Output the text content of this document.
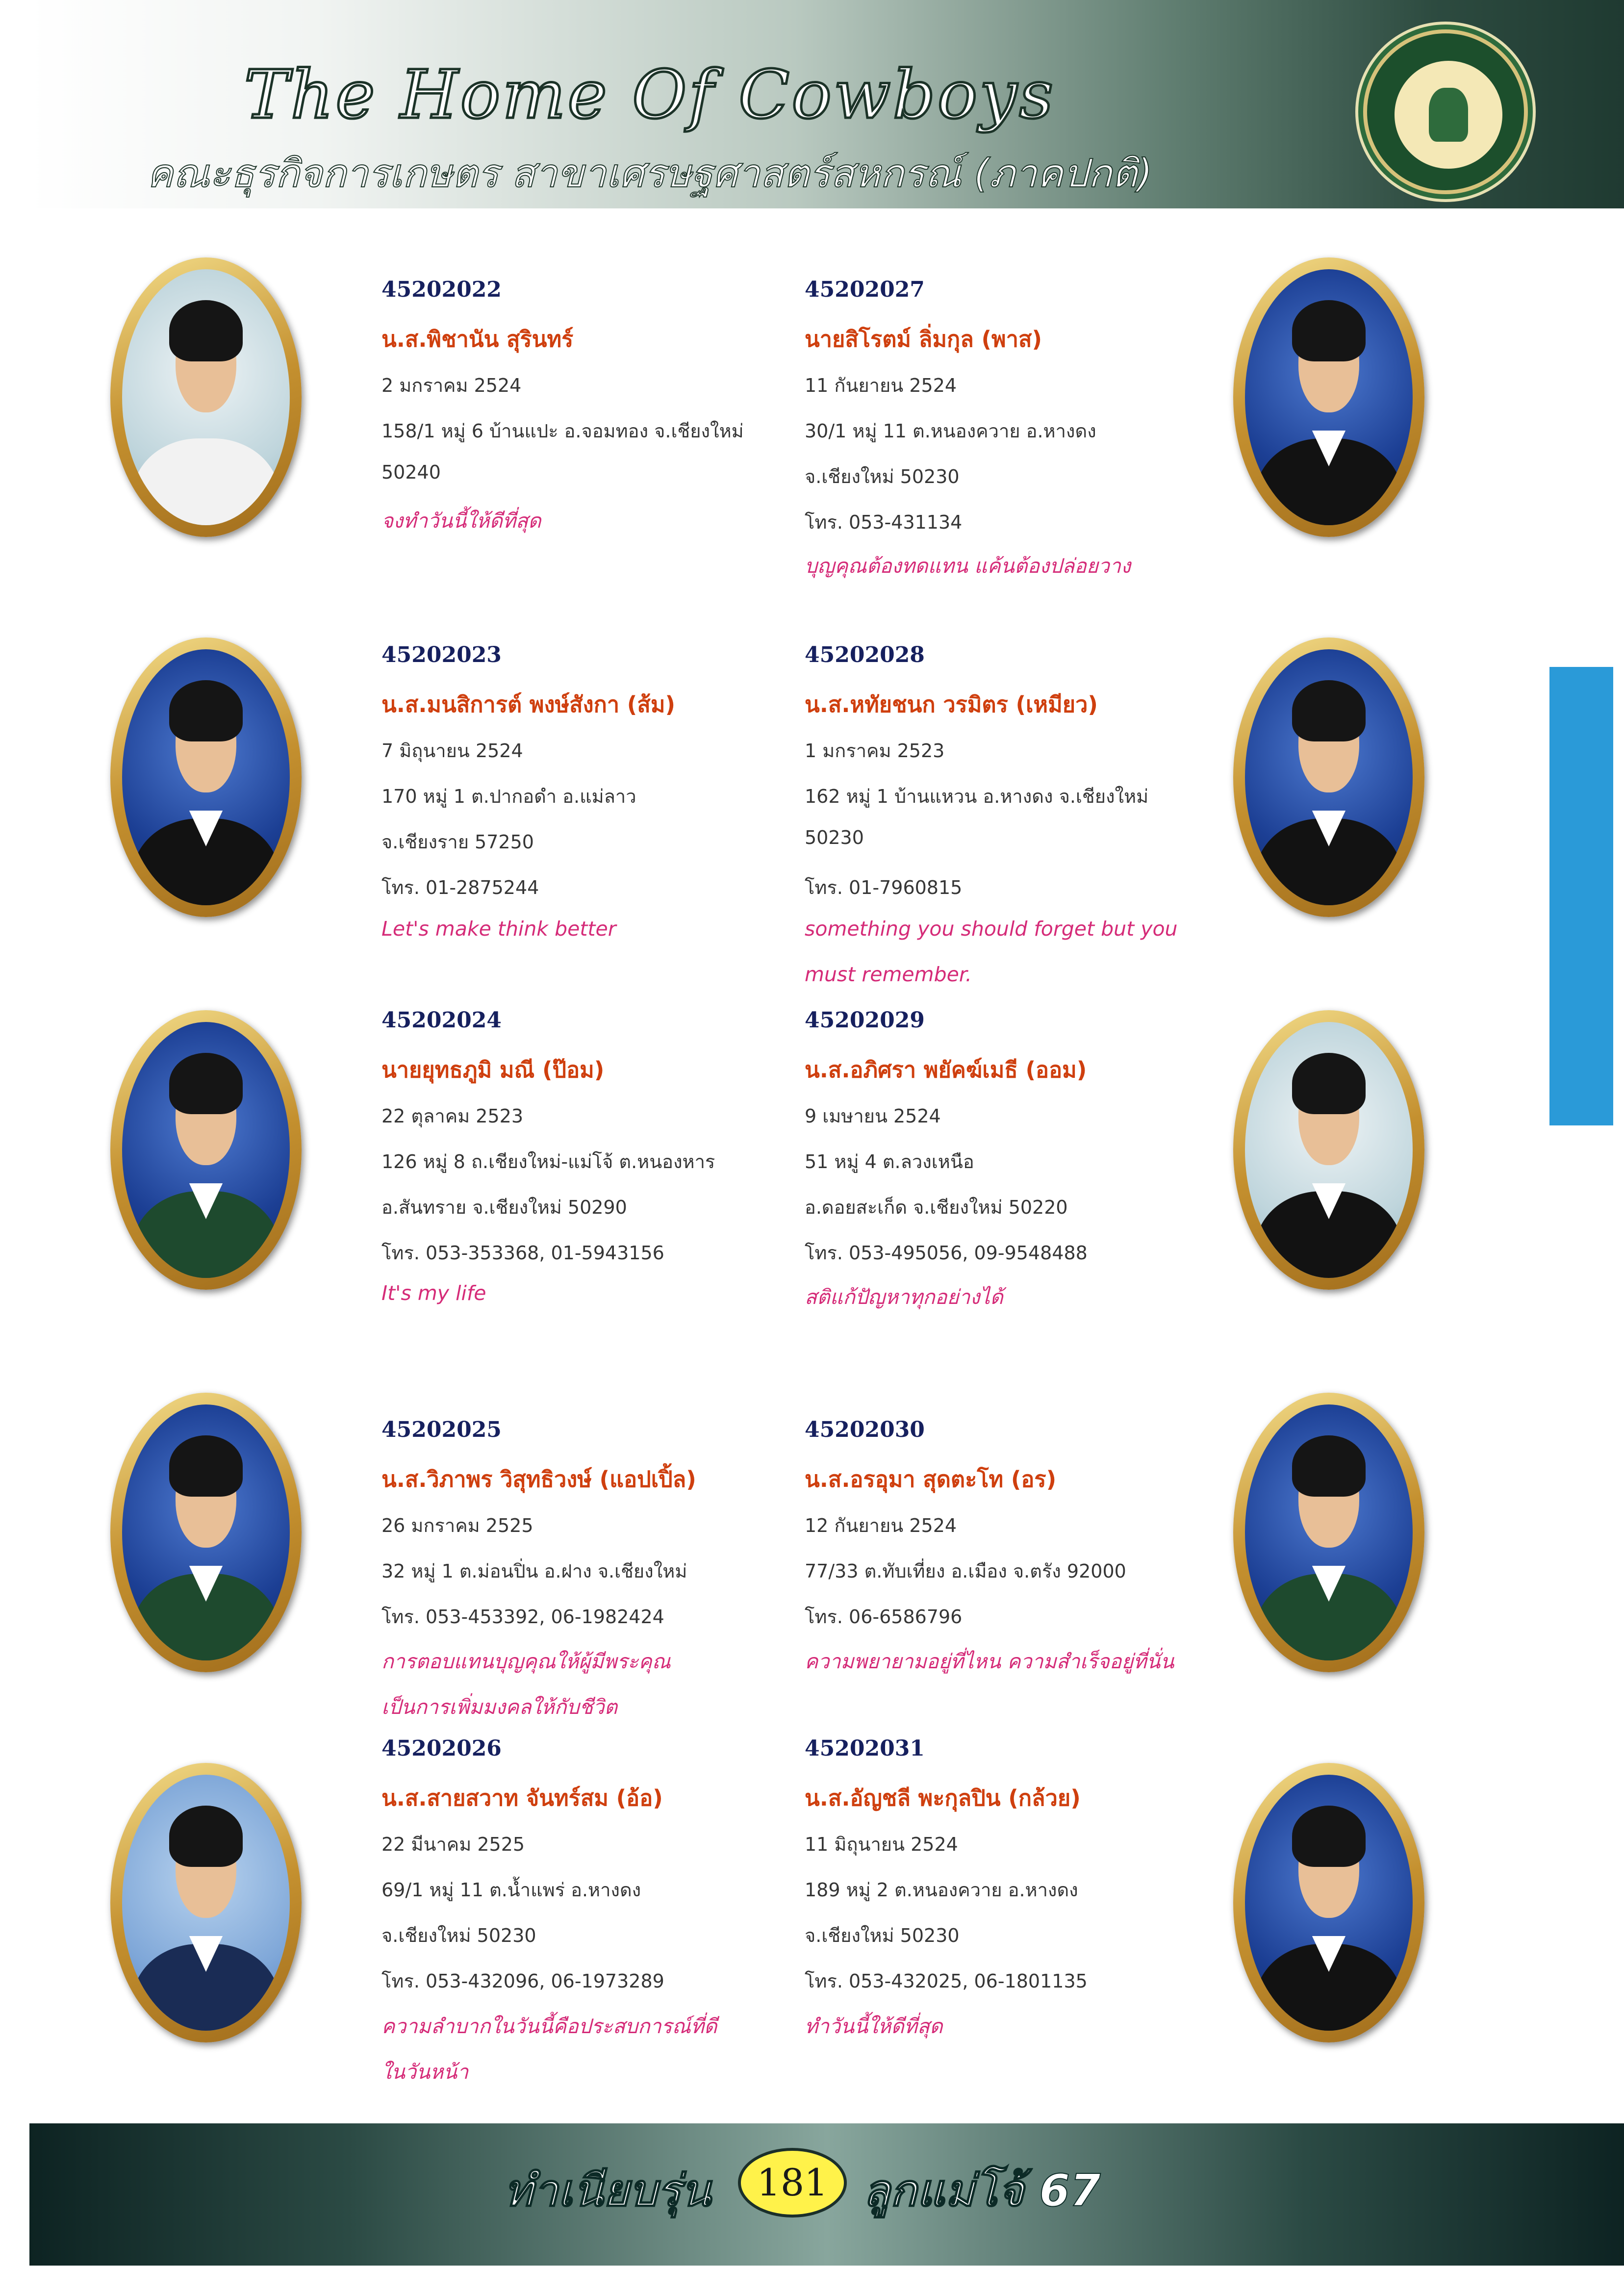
The Home Of Cowboys
คณะธุรกิจการเกษตร สาขาเศรษฐศาสตร์สหกรณ์ (ภาคปกติ)
45202022
น.ส.พิชานัน สุรินทร์
2 มกราคม 2524
158/1 หมู่ 6 บ้านแปะ อ.จอมทอง จ.เชียงใหม่
50240
จงทำวันนี้ให้ดีที่สุด
45202027
นายสิโรตม์ ลิ่มกุล (พาส)
11 กันยายน 2524
30/1 หมู่ 11 ต.หนองควาย อ.หางดง
จ.เชียงใหม่ 50230
โทร. 053-431134
บุญคุณต้องทดแทน แค้นต้องปล่อยวาง
45202023
น.ส.มนสิการต์ พงษ์สังกา (ส้ม)
7 มิถุนายน 2524
170 หมู่ 1 ต.ปากอดำ อ.แม่ลาว
จ.เชียงราย 57250
โทร. 01-2875244
Let's make think better
45202028
น.ส.หทัยชนก วรมิตร (เหมียว)
1 มกราคม 2523
162 หมู่ 1 บ้านแหวน อ.หางดง จ.เชียงใหม่
50230
โทร. 01-7960815
something you should forget but you
must remember.
45202024
นายยุทธภูมิ มณี (ป๊อม)
22 ตุลาคม 2523
126 หมู่ 8 ถ.เชียงใหม่-แม่โจ้ ต.หนองหาร
อ.สันทราย จ.เชียงใหม่ 50290
โทร. 053-353368, 01-5943156
It's my life
45202029
น.ส.อภิศรา พยัคฆ์เมธี (ออม)
9 เมษายน 2524
51 หมู่ 4 ต.ลวงเหนือ
อ.ดอยสะเก็ด จ.เชียงใหม่ 50220
โทร. 053-495056, 09-9548488
สติแก้ปัญหาทุกอย่างได้
45202025
น.ส.วิภาพร วิสุทธิวงษ์ (แอปเปิ้ล)
26 มกราคม 2525
32 หมู่ 1 ต.ม่อนปิ่น อ.ฝาง จ.เชียงใหม่
โทร. 053-453392, 06-1982424
การตอบแทนบุญคุณให้ผู้มีพระคุณ
เป็นการเพิ่มมงคลให้กับชีวิต
45202030
น.ส.อรอุมา สุดตะโท (อร)
12 กันยายน 2524
77/33 ต.ทับเที่ยง อ.เมือง จ.ตรัง 92000
โทร. 06-6586796
ความพยายามอยู่ที่ไหน ความสำเร็จอยู่ที่นั่น
45202026
น.ส.สายสวาท จันทร์สม (อ้อ)
22 มีนาคม 2525
69/1 หมู่ 11 ต.น้ำแพร่ อ.หางดง
จ.เชียงใหม่ 50230
โทร. 053-432096, 06-1973289
ความลำบากในวันนี้คือประสบการณ์ที่ดี
ในวันหน้า
45202031
น.ส.อัญชลี พะกุลปิน (กล้วย)
11 มิถุนายน 2524
189 หมู่ 2 ต.หนองควาย อ.หางดง
จ.เชียงใหม่ 50230
โทร. 053-432025, 06-1801135
ทำวันนี้ให้ดีที่สุด
ทำเนียบรุ่น	181 ลูกแม่โจ้ 67
